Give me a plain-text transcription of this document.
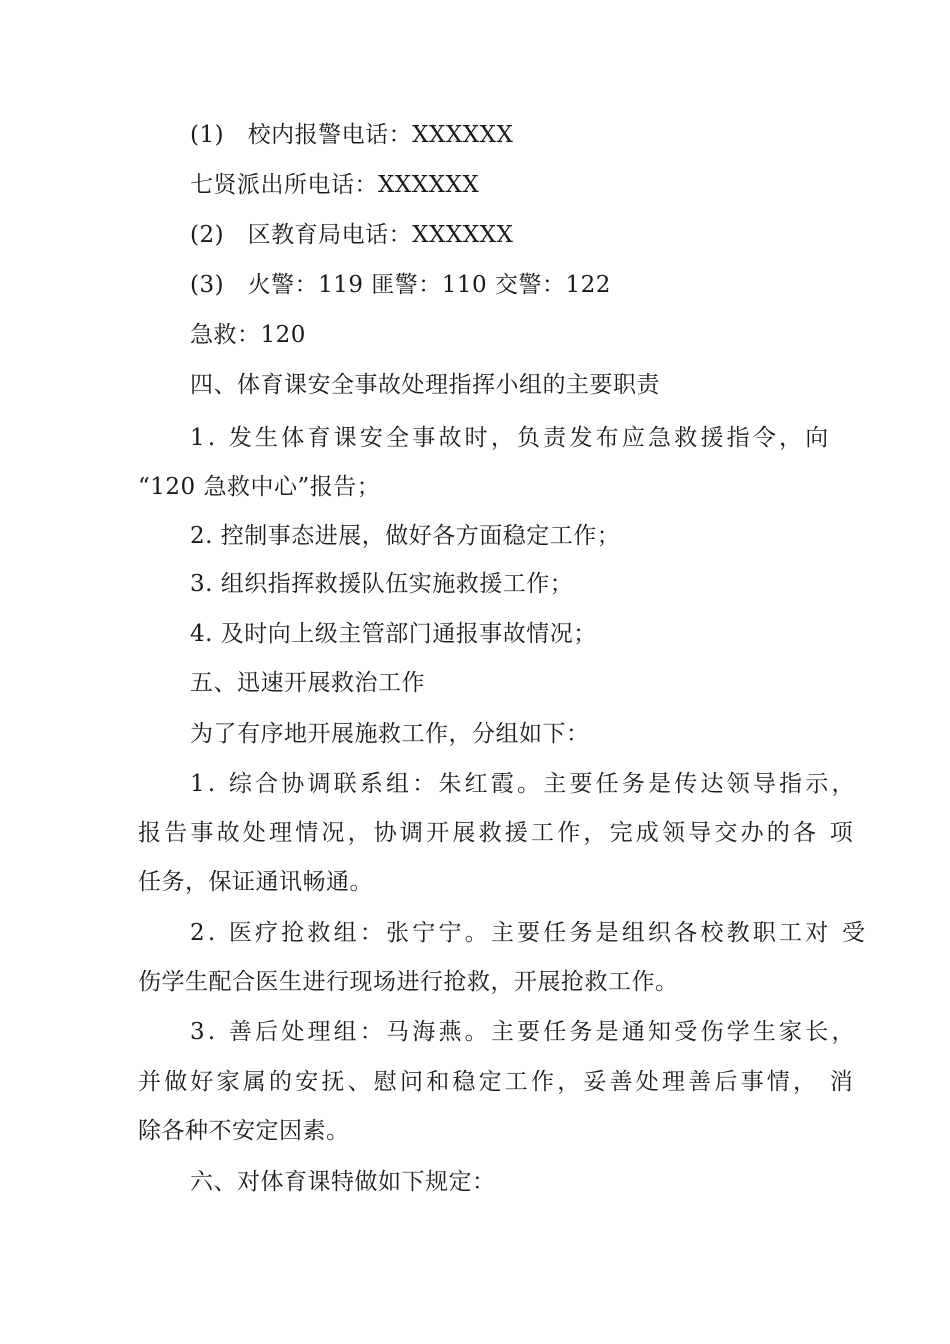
(1)　校内报警电话：XXXXXX
七贤派出所电话：XXXXXX
(2)　区教育局电话：XXXXXX
(3)　火警：119 匪警：110 交警：122
急救：120
四、体育课安全事故处理指挥小组的主要职责
1. 发生体育课安全事故时，负责发布应急救援指令，向
“120 急救中心”报告；
2. 控制事态进展，做好各方面稳定工作；
3. 组织指挥救援队伍实施救援工作；
4. 及时向上级主管部门通报事故情况；
五、迅速开展救治工作
为了有序地开展施救工作，分组如下：
1. 综合协调联系组：朱红霞。主要任务是传达领导指示，
报告事故处理情况，协调开展救援工作，完成领导交办的各 项
任务，保证通讯畅通。
2. 医疗抢救组：张宁宁。主要任务是组织各校教职工对 受
伤学生配合医生进行现场进行抢救，开展抢救工作。
3. 善后处理组：马海燕。主要任务是通知受伤学生家长，
并做好家属的安抚、慰问和稳定工作，妥善处理善后事情， 消
除各种不安定因素。
六、对体育课特做如下规定：
